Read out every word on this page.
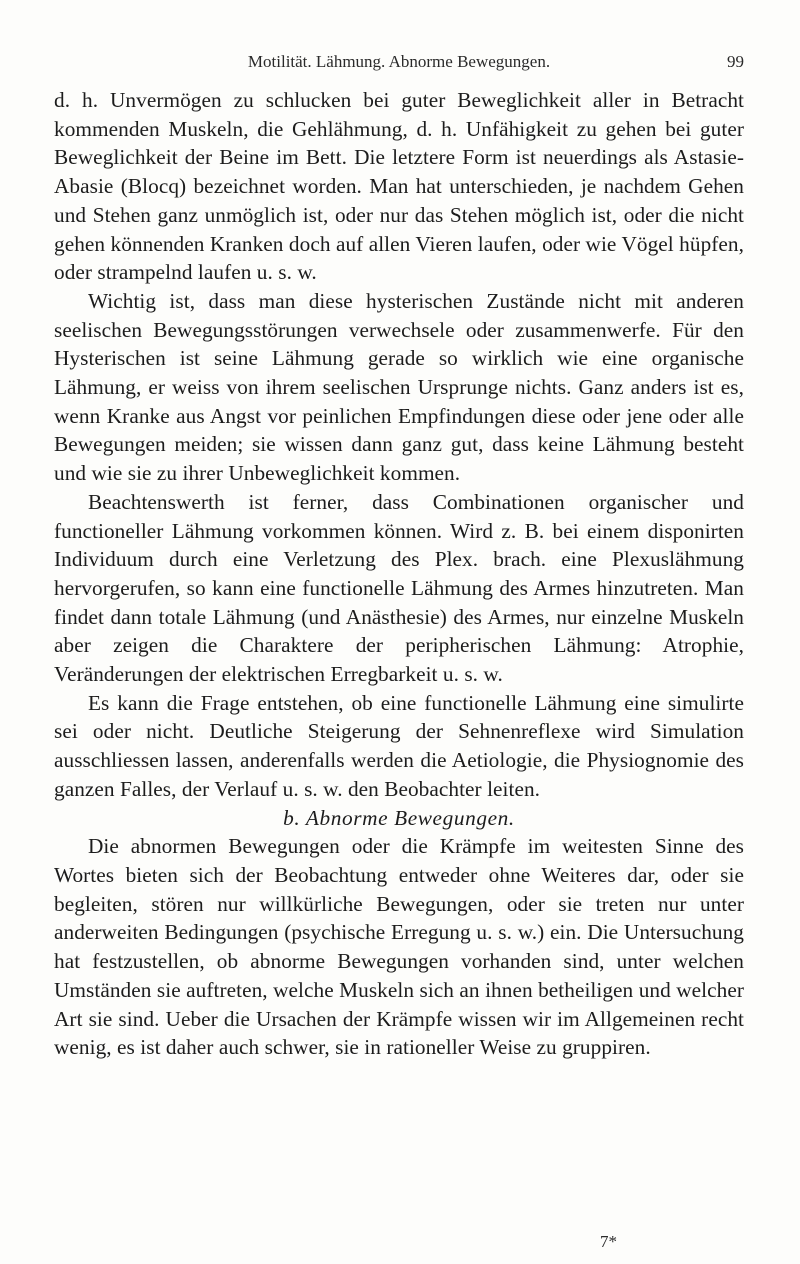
Motilität. Lähmung. Abnorme Bewegungen.	99

d. h. Unvermögen zu schlucken bei guter Beweglichkeit aller in Betracht kommenden Muskeln, die Gehlähmung, d. h. Unfähigkeit zu gehen bei guter Beweglichkeit der Beine im Bett. Die letztere Form ist neuerdings als Astasie-Abasie (Blocq) bezeichnet worden. Man hat unterschieden, je nachdem Gehen und Stehen ganz unmöglich ist, oder nur das Stehen möglich ist, oder die nicht gehen könnenden Kranken doch auf allen Vieren laufen, oder wie Vögel hüpfen, oder strampelnd laufen u. s. w.

Wichtig ist, dass man diese hysterischen Zustände nicht mit anderen seelischen Bewegungsstörungen verwechsele oder zusammenwerfe. Für den Hysterischen ist seine Lähmung gerade so wirklich wie eine organische Lähmung, er weiss von ihrem seelischen Ursprunge nichts. Ganz anders ist es, wenn Kranke aus Angst vor peinlichen Empfindungen diese oder jene oder alle Bewegungen meiden; sie wissen dann ganz gut, dass keine Lähmung besteht und wie sie zu ihrer Unbeweglichkeit kommen.

Beachtenswerth ist ferner, dass Combinationen organischer und functioneller Lähmung vorkommen können. Wird z. B. bei einem disponirten Individuum durch eine Verletzung des Plex. brach. eine Plexuslähmung hervorgerufen, so kann eine functionelle Lähmung des Armes hinzutreten. Man findet dann totale Lähmung (und Anästhesie) des Armes, nur einzelne Muskeln aber zeigen die Charaktere der peripherischen Lähmung: Atrophie, Veränderungen der elektrischen Erregbarkeit u. s. w.

Es kann die Frage entstehen, ob eine functionelle Lähmung eine simulirte sei oder nicht. Deutliche Steigerung der Sehnenreflexe wird Simulation ausschliessen lassen, anderenfalls werden die Aetiologie, die Physiognomie des ganzen Falles, der Verlauf u. s. w. den Beobachter leiten.

b. Abnorme Bewegungen.

Die abnormen Bewegungen oder die Krämpfe im weitesten Sinne des Wortes bieten sich der Beobachtung entweder ohne Weiteres dar, oder sie begleiten, stören nur willkürliche Bewegungen, oder sie treten nur unter anderweiten Bedingungen (psychische Erregung u. s. w.) ein. Die Untersuchung hat festzustellen, ob abnorme Bewegungen vorhanden sind, unter welchen Umständen sie auftreten, welche Muskeln sich an ihnen betheiligen und welcher Art sie sind. Ueber die Ursachen der Krämpfe wissen wir im Allgemeinen recht wenig, es ist daher auch schwer, sie in rationeller Weise zu gruppiren.

7*
